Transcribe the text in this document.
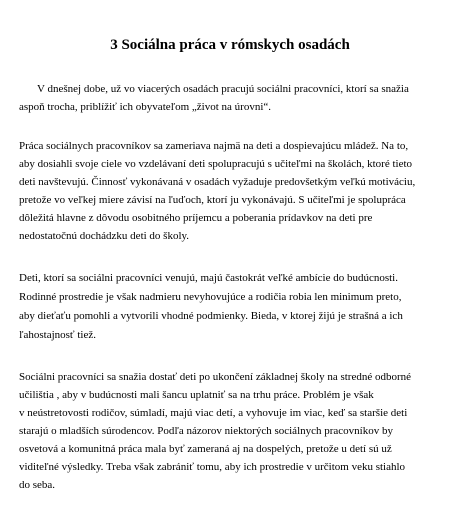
3 Sociálna práca v rómskych osadách
V dnešnej dobe, už vo viacerých osadách pracujú sociálni pracovníci, ktorí sa snažia
aspoň trocha, priblížiť ich obyvateľom „život na úrovni“.
Práca sociálnych pracovníkov sa zameriava najmä na deti a dospievajúcu mládež. Na to,
aby dosiahli svoje ciele vo vzdelávaní deti spolupracujú s učiteľmi na školách, ktoré tieto
deti navštevujú. Činnosť vykonávaná v osadách vyžaduje predovšetkým veľkú motiváciu,
pretože vo veľkej miere závisí na ľuďoch, ktorí ju vykonávajú. S učiteľmi je spolupráca
dôležitá hlavne z dôvodu osobitného príjemcu a poberania prídavkov na deti pre
nedostatočnú dochádzku deti do školy.
Deti, ktorí sa sociálni pracovníci venujú, majú častokrát veľké ambície do budúcnosti.
Rodinné prostredie je však nadmieru nevyhovujúce a rodičia robia len minimum preto,
aby dieťaťu pomohli a vytvorili vhodné podmienky. Bieda, v ktorej žijú je strašná a ich
ľahostajnosť tiež.
Sociálni pracovníci sa snažia dostať deti po ukončení základnej školy na stredné odborné
učilištia , aby v budúcnosti mali šancu uplatniť sa na trhu práce. Problém je však
v neústretovosti rodičov, súmladí, majú viac detí, a vyhovuje im viac, keď sa staršie deti
starajú o mladších súrodencov. Podľa názorov niektorých sociálnych pracovníkov by
osvetová a komunitná práca mala byť zameraná aj na dospelých, pretože u detí sú už
viditeľné výsledky. Treba však zabrániť tomu, aby ich prostredie v určitom veku stiahlo
do seba.
